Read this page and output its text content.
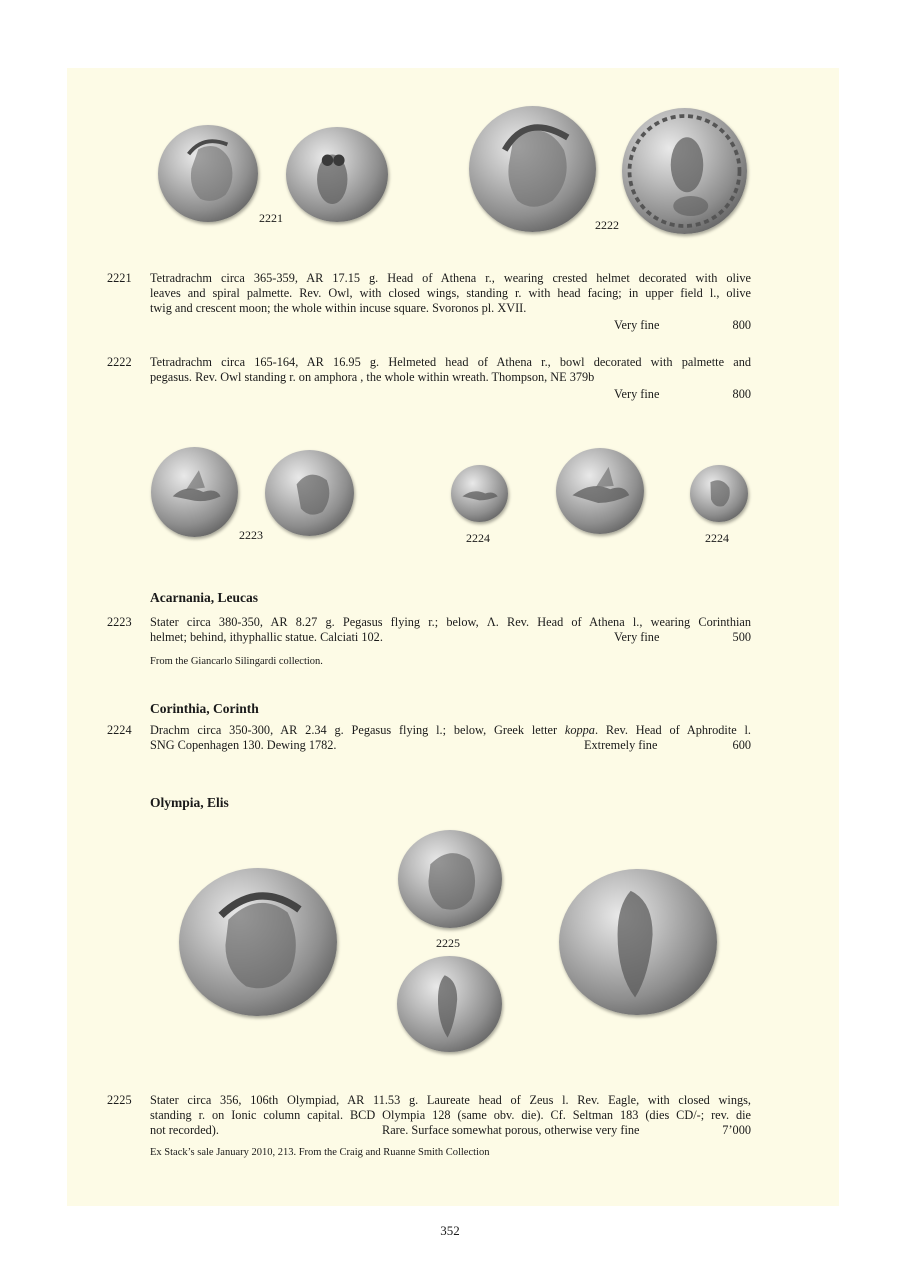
2221	2222
2221 Tetradrachm circa 365-359, AR 17.15 g. Head of Athena r., wearing crested helmet decorated with olive
leaves and spiral palmette. Rev. Owl, with closed wings, standing r. with head facing; in upper field l., olive
twig and crescent moon; the whole within incuse square. Svoronos pl. XVII.
Very fine	800
2222 Tetradrachm circa 165-164, AR 16.95 g. Helmeted head of Athena r., bowl decorated with palmette and
pegasus. Rev. Owl standing r. on amphora , the whole within wreath. Thompson, NE 379b
Very fine	800
2223	2224	2224
Acarnania, Leucas
2223 Stater circa 380-350, AR 8.27 g. Pegasus flying r.; below, Λ. Rev. Head of Athena l., wearing Corinthian
helmet; behind, ithyphallic statue. Calciati 102.	Very fine	500
From the Giancarlo Silingardi collection.
Corinthia, Corinth
2224 Drachm circa 350-300, AR 2.34 g. Pegasus flying l.; below, Greek letter koppa. Rev. Head of Aphrodite l.
SNG Copenhagen 130. Dewing 1782.	Extremely fine	600
Olympia, Elis
2225
2225 Stater circa 356, 106th Olympiad, AR 11.53 g. Laureate head of Zeus l. Rev. Eagle, with closed wings,
standing r. on Ionic column capital. BCD Olympia 128 (same obv. die). Cf. Seltman 183 (dies CD/-; rev. die
not recorded).	Rare. Surface somewhat porous, otherwise very fine	7’000
Ex Stack’s sale January 2010, 213. From the Craig and Ruanne Smith Collection
352
